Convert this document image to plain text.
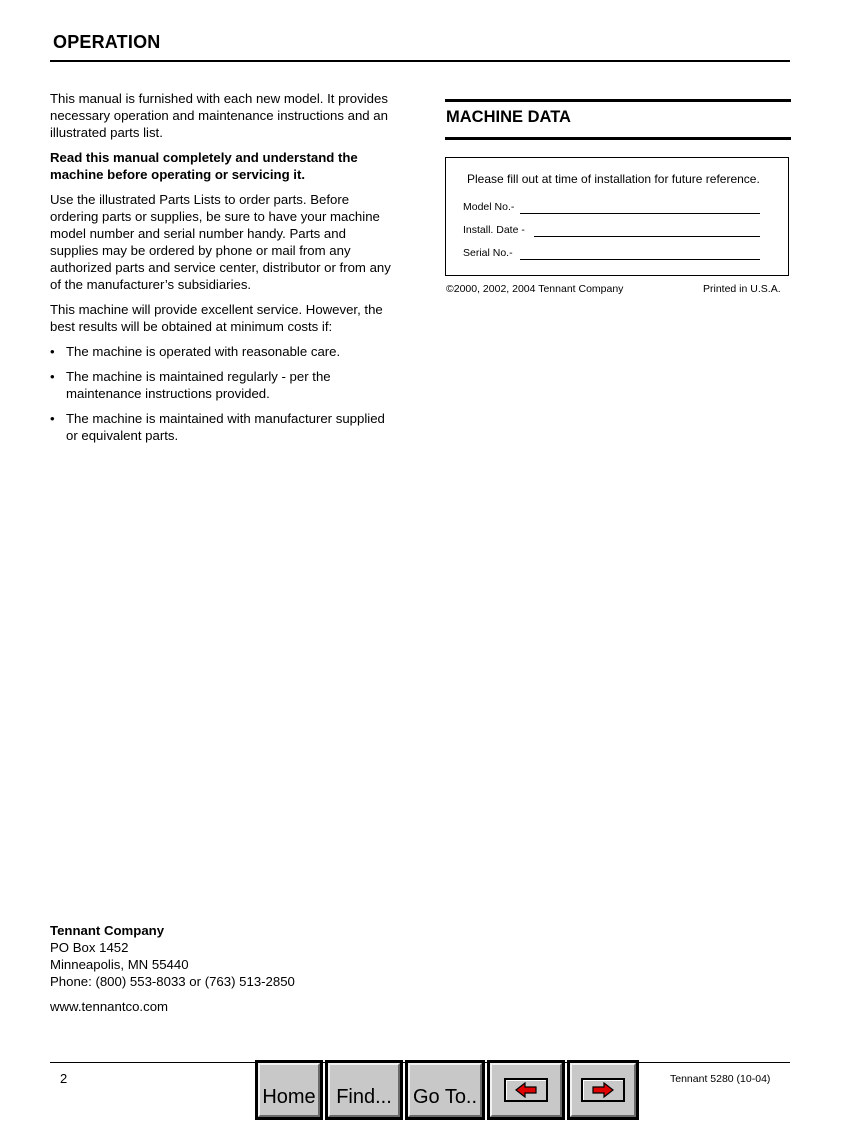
OPERATION

This manual is furnished with each new model. It provides necessary operation and maintenance instructions and an illustrated parts list.

Read this manual completely and understand the machine before operating or servicing it.

Use the illustrated Parts Lists to order parts. Before ordering parts or supplies, be sure to have your machine model number and serial number handy. Parts and supplies may be ordered by phone or mail from any authorized parts and service center, distributor or from any of the manufacturer’s subsidiaries.

This machine will provide excellent service. However, the best results will be obtained at minimum costs if:

• The machine is operated with reasonable care.
• The machine is maintained regularly - per the maintenance instructions provided.
• The machine is maintained with manufacturer supplied or equivalent parts.
MACHINE DATA
Please fill out at time of installation for future reference.
Model No.-
Install. Date -
Serial No.-
©2000, 2002, 2004 Tennant Company	Printed in U.S.A.
Tennant Company
PO Box 1452
Minneapolis, MN 55440
Phone: (800) 553-8033 or (763) 513-2850
www.tennantco.com
2	Tennant 5280 (10-04)
Home	Find...	Go To..
